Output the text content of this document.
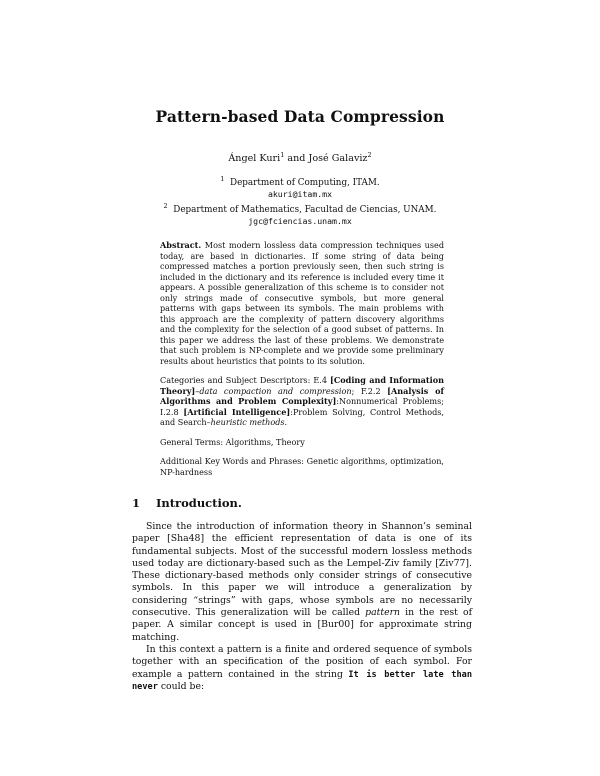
Pattern-based Data Compression
Ángel Kuri$^1$ and José Galaviz$^2$
$^1$ Department of Computing, ITAM.
akuri@itam.mx
$^2$ Department of Mathematics, Facultad de Ciencias, UNAM.
jgc@fciencias.unam.mx

Abstract. Most modern lossless data compression techniques used today, are based in dictionaries. If some string of data being compressed matches a portion previously seen, then such string is included in the dictionary and its reference is included every time it appears. A possible generalization of this scheme is to consider not only strings made of consecutive symbols, but more general patterns with gaps between its symbols. The main problems with this approach are the complexity of pattern discovery algorithms and the complexity for the selection of a good subset of patterns. In this paper we address the last of these problems. We demonstrate that such problem is NP-complete and we provide some preliminary results about heuristics that points to its solution.

Categories and Subject Descriptors: E.4 [Coding and Information Theory]–data compaction and compression; F.2.2 [Analysis of Algorithms and Problem Complexity]:Nonnumerical Problems; I.2.8 [Artificial Intelligence]:Problem Solving, Control Methods, and Search–heuristic methods.

General Terms: Algorithms, Theory

Additional Key Words and Phrases: Genetic algorithms, optimization, NP-hardness

1 Introduction.

Since the introduction of information theory in Shannon’s seminal paper [Sha48] the efficient representation of data is one of its fundamental subjects. Most of the successful modern lossless methods used today are dictionary-based such as the Lempel-Ziv family [Ziv77]. These dictionary-based methods only consider strings of consecutive symbols. In this paper we will introduce a generalization by considering “strings” with gaps, whose symbols are no necessarily consecutive. This generalization will be called pattern in the rest of paper. A similar concept is used in [Bur00] for approximate string matching.

In this context a pattern is a finite and ordered sequence of symbols together with an specification of the position of each symbol. For example a pattern contained in the string It is better late than never could be:
